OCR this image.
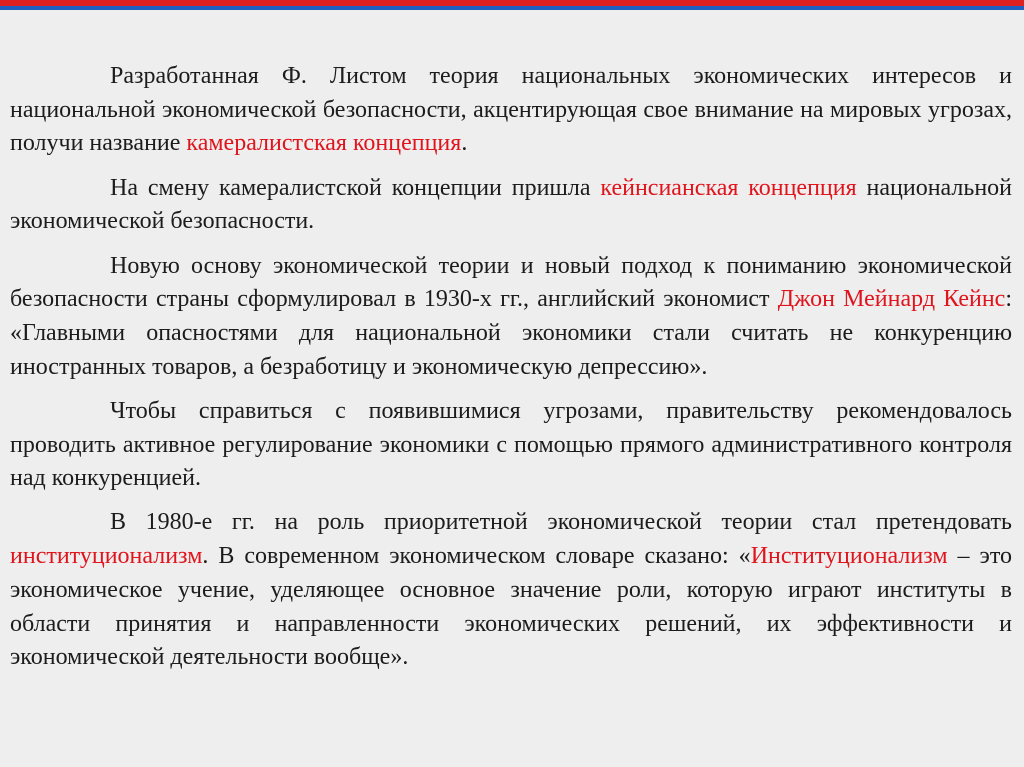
Разработанная Ф. Листом теория национальных экономических интересов и национальной экономической безопасности, акцентирующая свое внимание на мировых угрозах, получи название камералистская концепция.

На смену камералистской концепции пришла кейнсианская концепция национальной экономической безопасности.

Новую основу экономической теории и новый подход к пониманию экономической безопасности страны сформулировал в 1930-х гг., английский экономист Джон Мейнард Кейнс: «Главными опасностями для национальной экономики стали считать не конкуренцию иностранных товаров, а безработицу и экономическую депрессию».

Чтобы справиться с появившимися угрозами, правительству рекомендовалось проводить активное регулирование экономики с помощью прямого административного контроля над конкуренцией.

В 1980-е гг. на роль приоритетной экономической теории стал претендовать институционализм. В современном экономическом словаре сказано: «Институционализм – это экономическое учение, уделяющее основное значение роли, которую играют институты в области принятия и направленности экономических решений, их эффективности и экономической деятельности вообще».
